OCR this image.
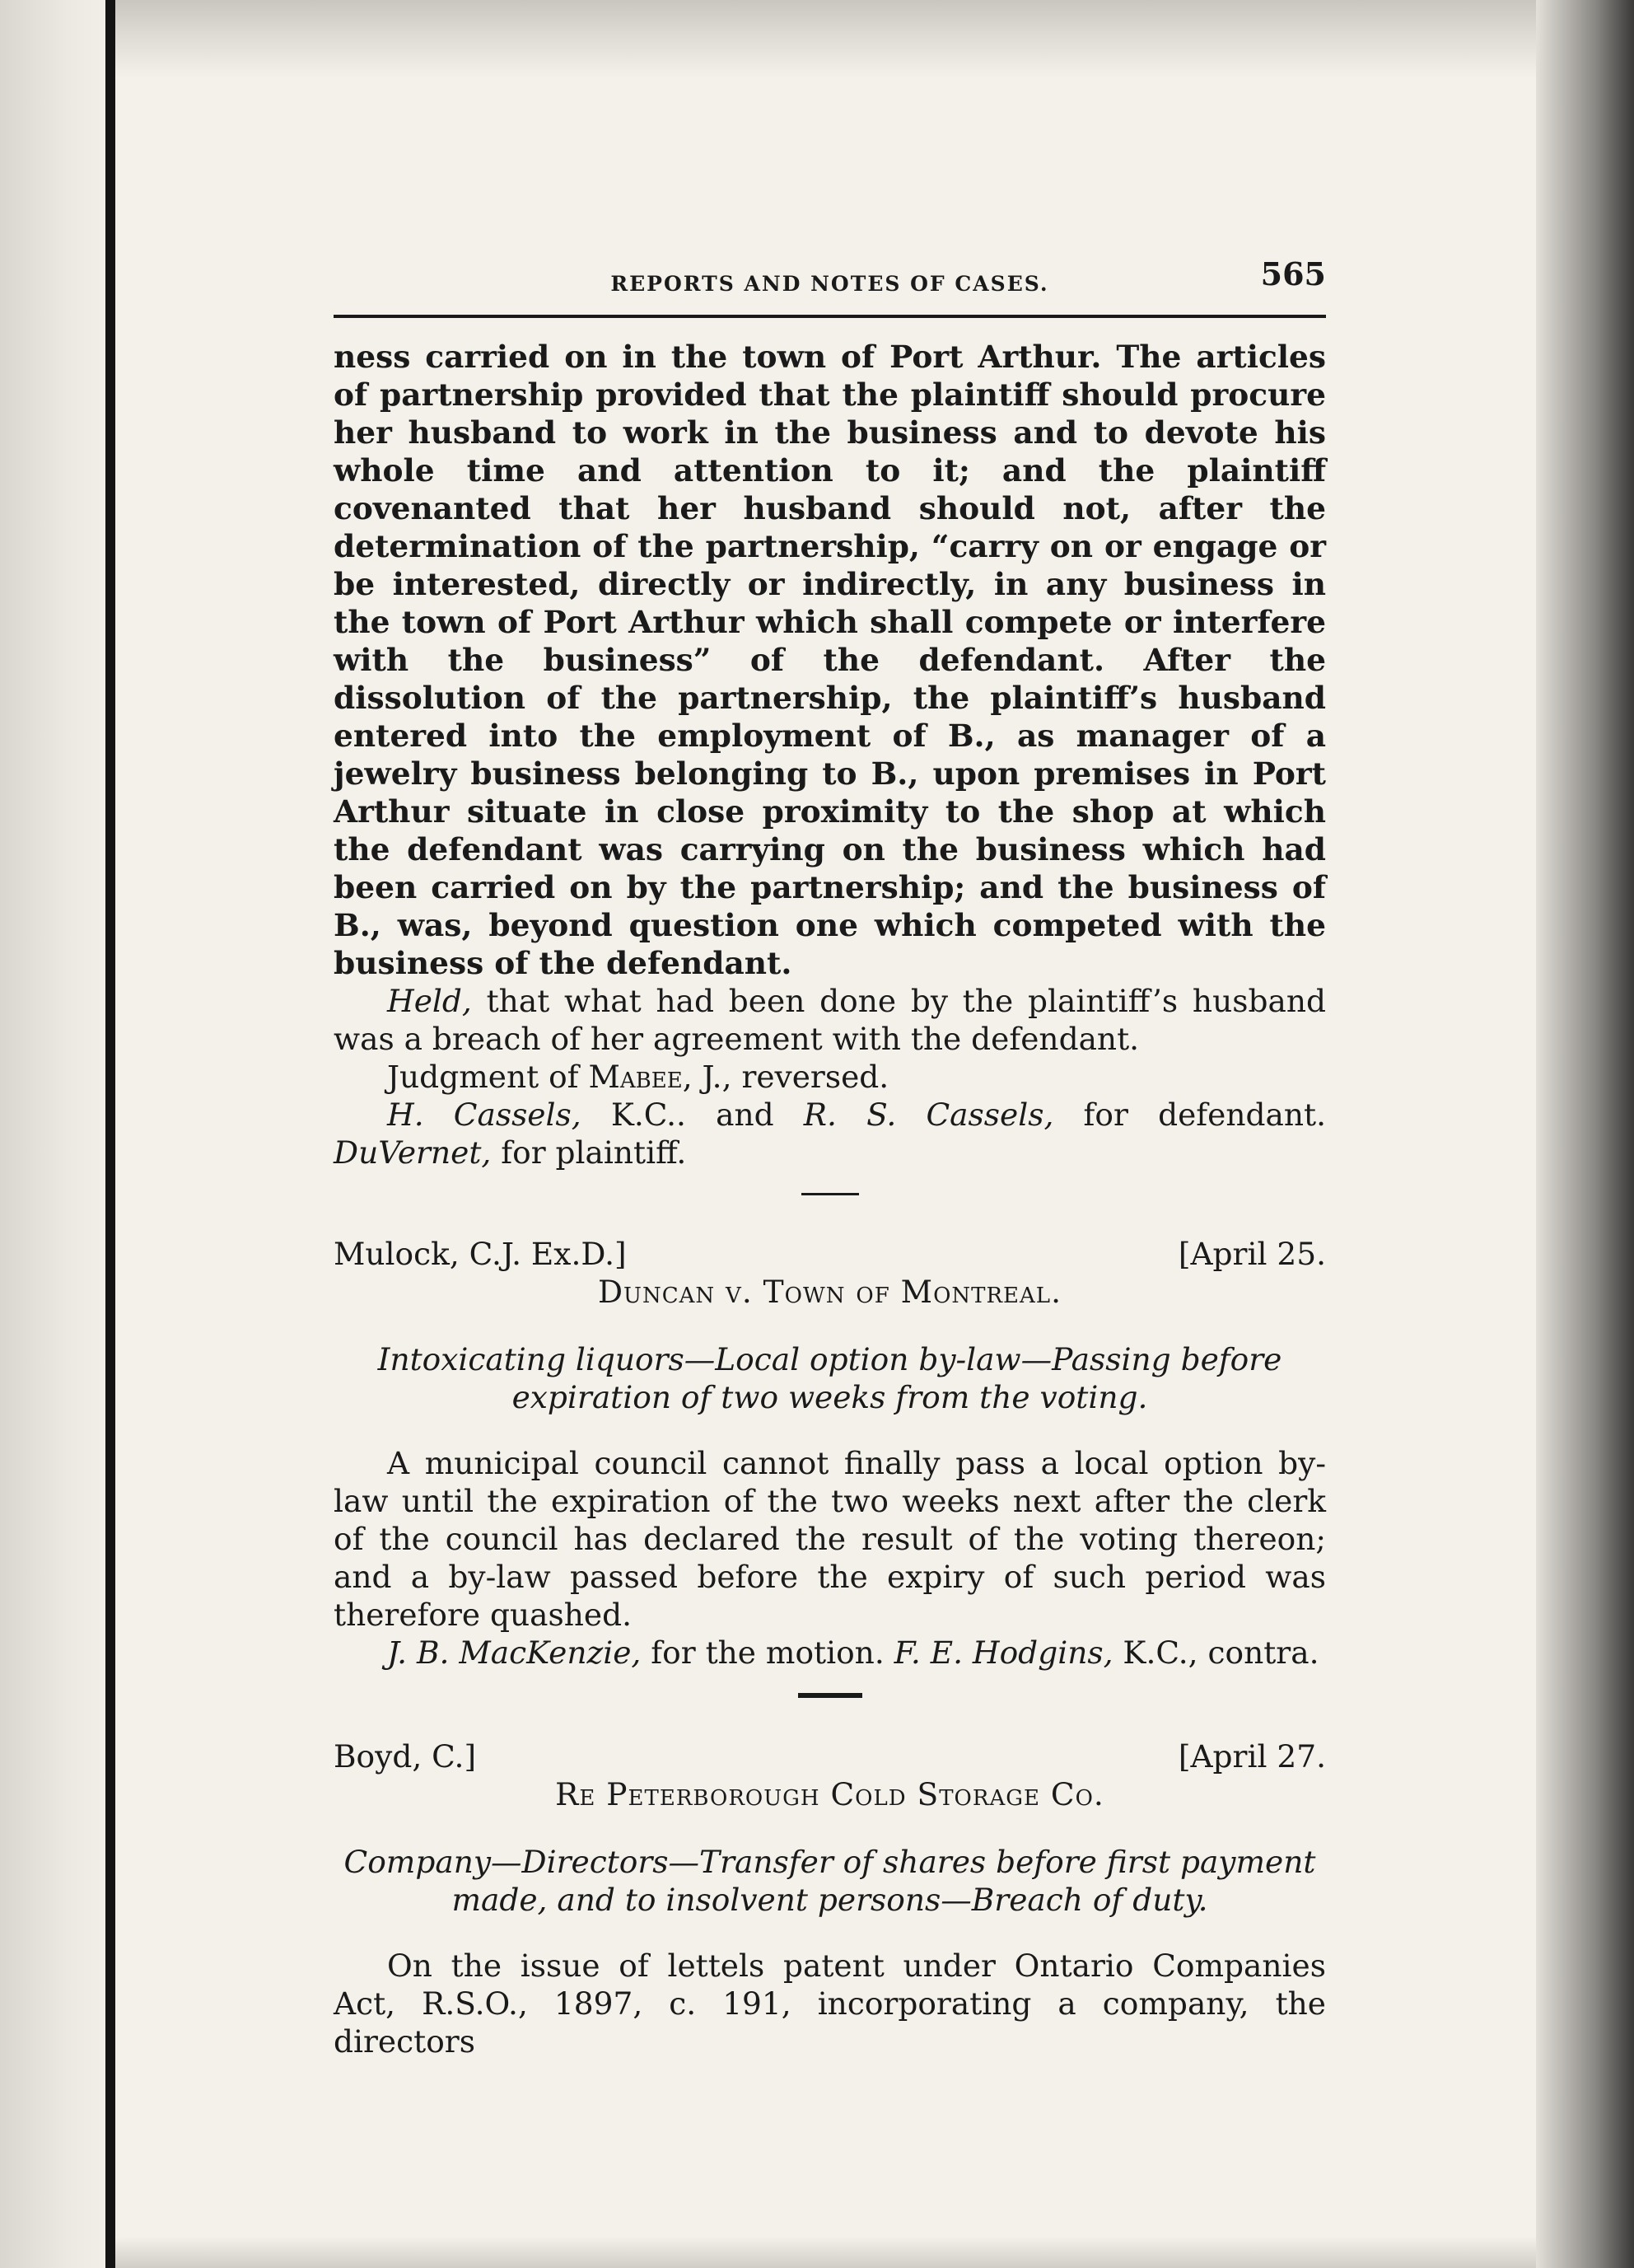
REPORTS AND NOTES OF CASES.	565

ness carried on in the town of Port Arthur. The articles of partnership provided that the plaintiff should procure her husband to work in the business and to devote his whole time and attention to it; and the plaintiff covenanted that her husband should not, after the determination of the partnership, “carry on or engage or be interested, directly or indirectly, in any business in the town of Port Arthur which shall compete or interfere with the business” of the defendant. After the dissolution of the partnership, the plaintiff’s husband entered into the employment of B., as manager of a jewelry business belonging to B., upon premises in Port Arthur situate in close proximity to the shop at which the defendant was carrying on the business which had been carried on by the partnership; and the business of B., was, beyond question one which competed with the business of the defendant.

Held, that what had been done by the plaintiff’s husband was a breach of her agreement with the defendant.

Judgment of Mabee, J., reversed.

H. Cassels, K.C.. and R. S. Cassels, for defendant. DuVernet, for plaintiff.

Mulock, C.J. Ex.D.]	[April 25.
Duncan v. Town of Montreal.
Intoxicating liquors—Local option by-law—Passing before expiration of two weeks from the voting.

A municipal council cannot finally pass a local option by-law until the expiration of the two weeks next after the clerk of the council has declared the result of the voting thereon; and a by-law passed before the expiry of such period was therefore quashed.

J. B. MacKenzie, for the motion. F. E. Hodgins, K.C., contra.

Boyd, C.]	[April 27.
Re Peterborough Cold Storage Co.
Company—Directors—Transfer of shares before first payment made, and to insolvent persons—Breach of duty.

On the issue of lettels patent under Ontario Companies Act, R.S.O., 1897, c. 191, incorporating a company, the directors
